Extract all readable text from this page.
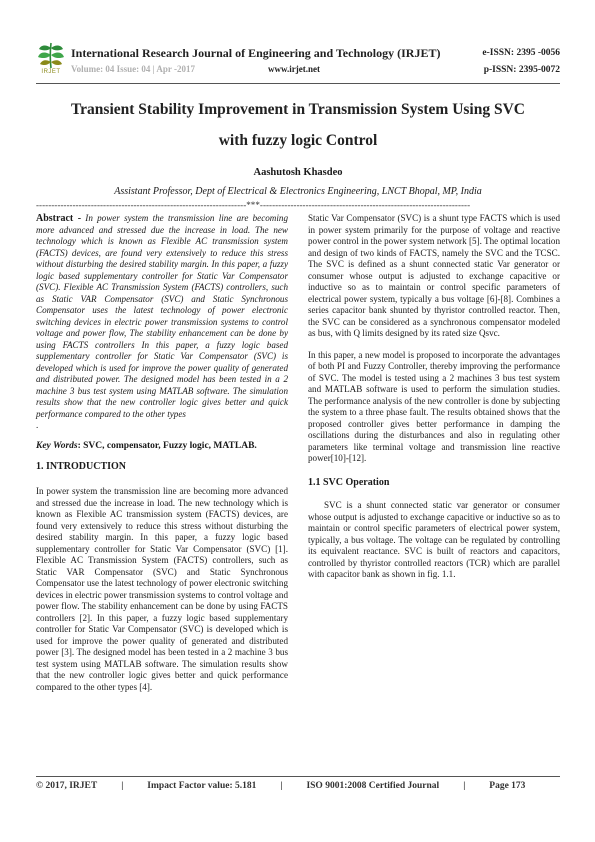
IRJET
International Research Journal of Engineering and Technology (IRJET)
Volume: 04 Issue: 04 | Apr -2017	www.irjet.net
e-ISSN: 2395 -0056
p-ISSN: 2395-0072
Transient Stability Improvement in Transmission System Using SVC
with fuzzy logic Control
Aashutosh Khasdeo
Assistant Professor, Dept of Electrical & Electronics Engineering, LNCT Bhopal, MP, India
---------------------------------------------------------------------***---------------------------------------------------------------------

Abstract - In power system the transmission line are becoming more advanced and stressed due the increase in load. The new technology which is known as Flexible AC transmission system (FACTS) devices, are found very extensively to reduce this stress without disturbing the desired stability margin. In this paper, a fuzzy logic based supplementary controller for Static Var Compensator (SVC). Flexible AC Transmission System (FACTS) controllers, such as Static VAR Compensator (SVC) and Static Synchronous Compensator uses the latest technology of power electronic switching devices in electric power transmission systems to control voltage and power flow, The stability enhancement can be done by using FACTS controllers In this paper, a fuzzy logic based supplementary controller for Static Var Compensator (SVC) is developed which is used for improve the power quality of generated and distributed power. The designed model has been tested in a 2 machine 3 bus test system using MATLAB software. The simulation results show that the new controller logic gives better and quick performance compared to the other types

.

Key Words: SVC, compensator, Fuzzy logic, MATLAB.

1. INTRODUCTION

In power system the transmission line are becoming more advanced and stressed due the increase in load. The new technology which is known as Flexible AC transmission system (FACTS) devices, are found very extensively to reduce this stress without disturbing the desired stability margin. In this paper, a fuzzy logic based supplementary controller for Static Var Compensator (SVC) [1]. Flexible AC Transmission System (FACTS) controllers, such as Static VAR Compensator (SVC) and Static Synchronous Compensator use the latest technology of power electronic switching devices in electric power transmission systems to control voltage and power flow. The stability enhancement can be done by using FACTS controllers [2]. In this paper, a fuzzy logic based supplementary controller for Static Var Compensator (SVC) is developed which is used for improve the power quality of generated and distributed power [3]. The designed model has been tested in a 2 machine 3 bus test system using MATLAB software. The simulation results show that the new controller logic gives better and quick performance compared to the other types [4].

Static Var Compensator (SVC) is a shunt type FACTS which is used in power system primarily for the purpose of voltage and reactive power control in the power system network [5]. The optimal location and design of two kinds of FACTS, namely the SVC and the TCSC. The SVC is defined as a shunt connected static Var generator or consumer whose output is adjusted to exchange capacitive or inductive so as to maintain or control specific parameters of electrical power system, typically a bus voltage [6]-[8]. Combines a series capacitor bank shunted by thyristor controlled reactor. Then, the SVC can be considered as a synchronous compensator modeled as bus, with Q limits designed by its rated size Qsvc.

In this paper, a new model is proposed to incorporate the advantages of both PI and Fuzzy Controller, thereby improving the performance of SVC. The model is tested using a 2 machines 3 bus test system and MATLAB software is used to perform the simulation studies. The performance analysis of the new controller is done by subjecting the system to a three phase fault. The results obtained shows that the proposed controller gives better performance in damping the oscillations during the disturbances and also in regulating other parameters like terminal voltage and transmission line reactive power[10]-[12].

1.1 SVC Operation

SVC is a shunt connected static var generator or consumer whose output is adjusted to exchange capacitive or inductive so as to maintain or control specific parameters of electrical power system, typically, a bus voltage. The voltage can be regulated by controlling its equivalent reactance. SVC is built of reactors and capacitors, controlled by thyristor controlled reactors (TCR) which are parallel with capacitor bank as shown in fig. 1.1.

© 2017, IRJET	|	Impact Factor value: 5.181	|	ISO 9001:2008 Certified Journal	|	Page 173
